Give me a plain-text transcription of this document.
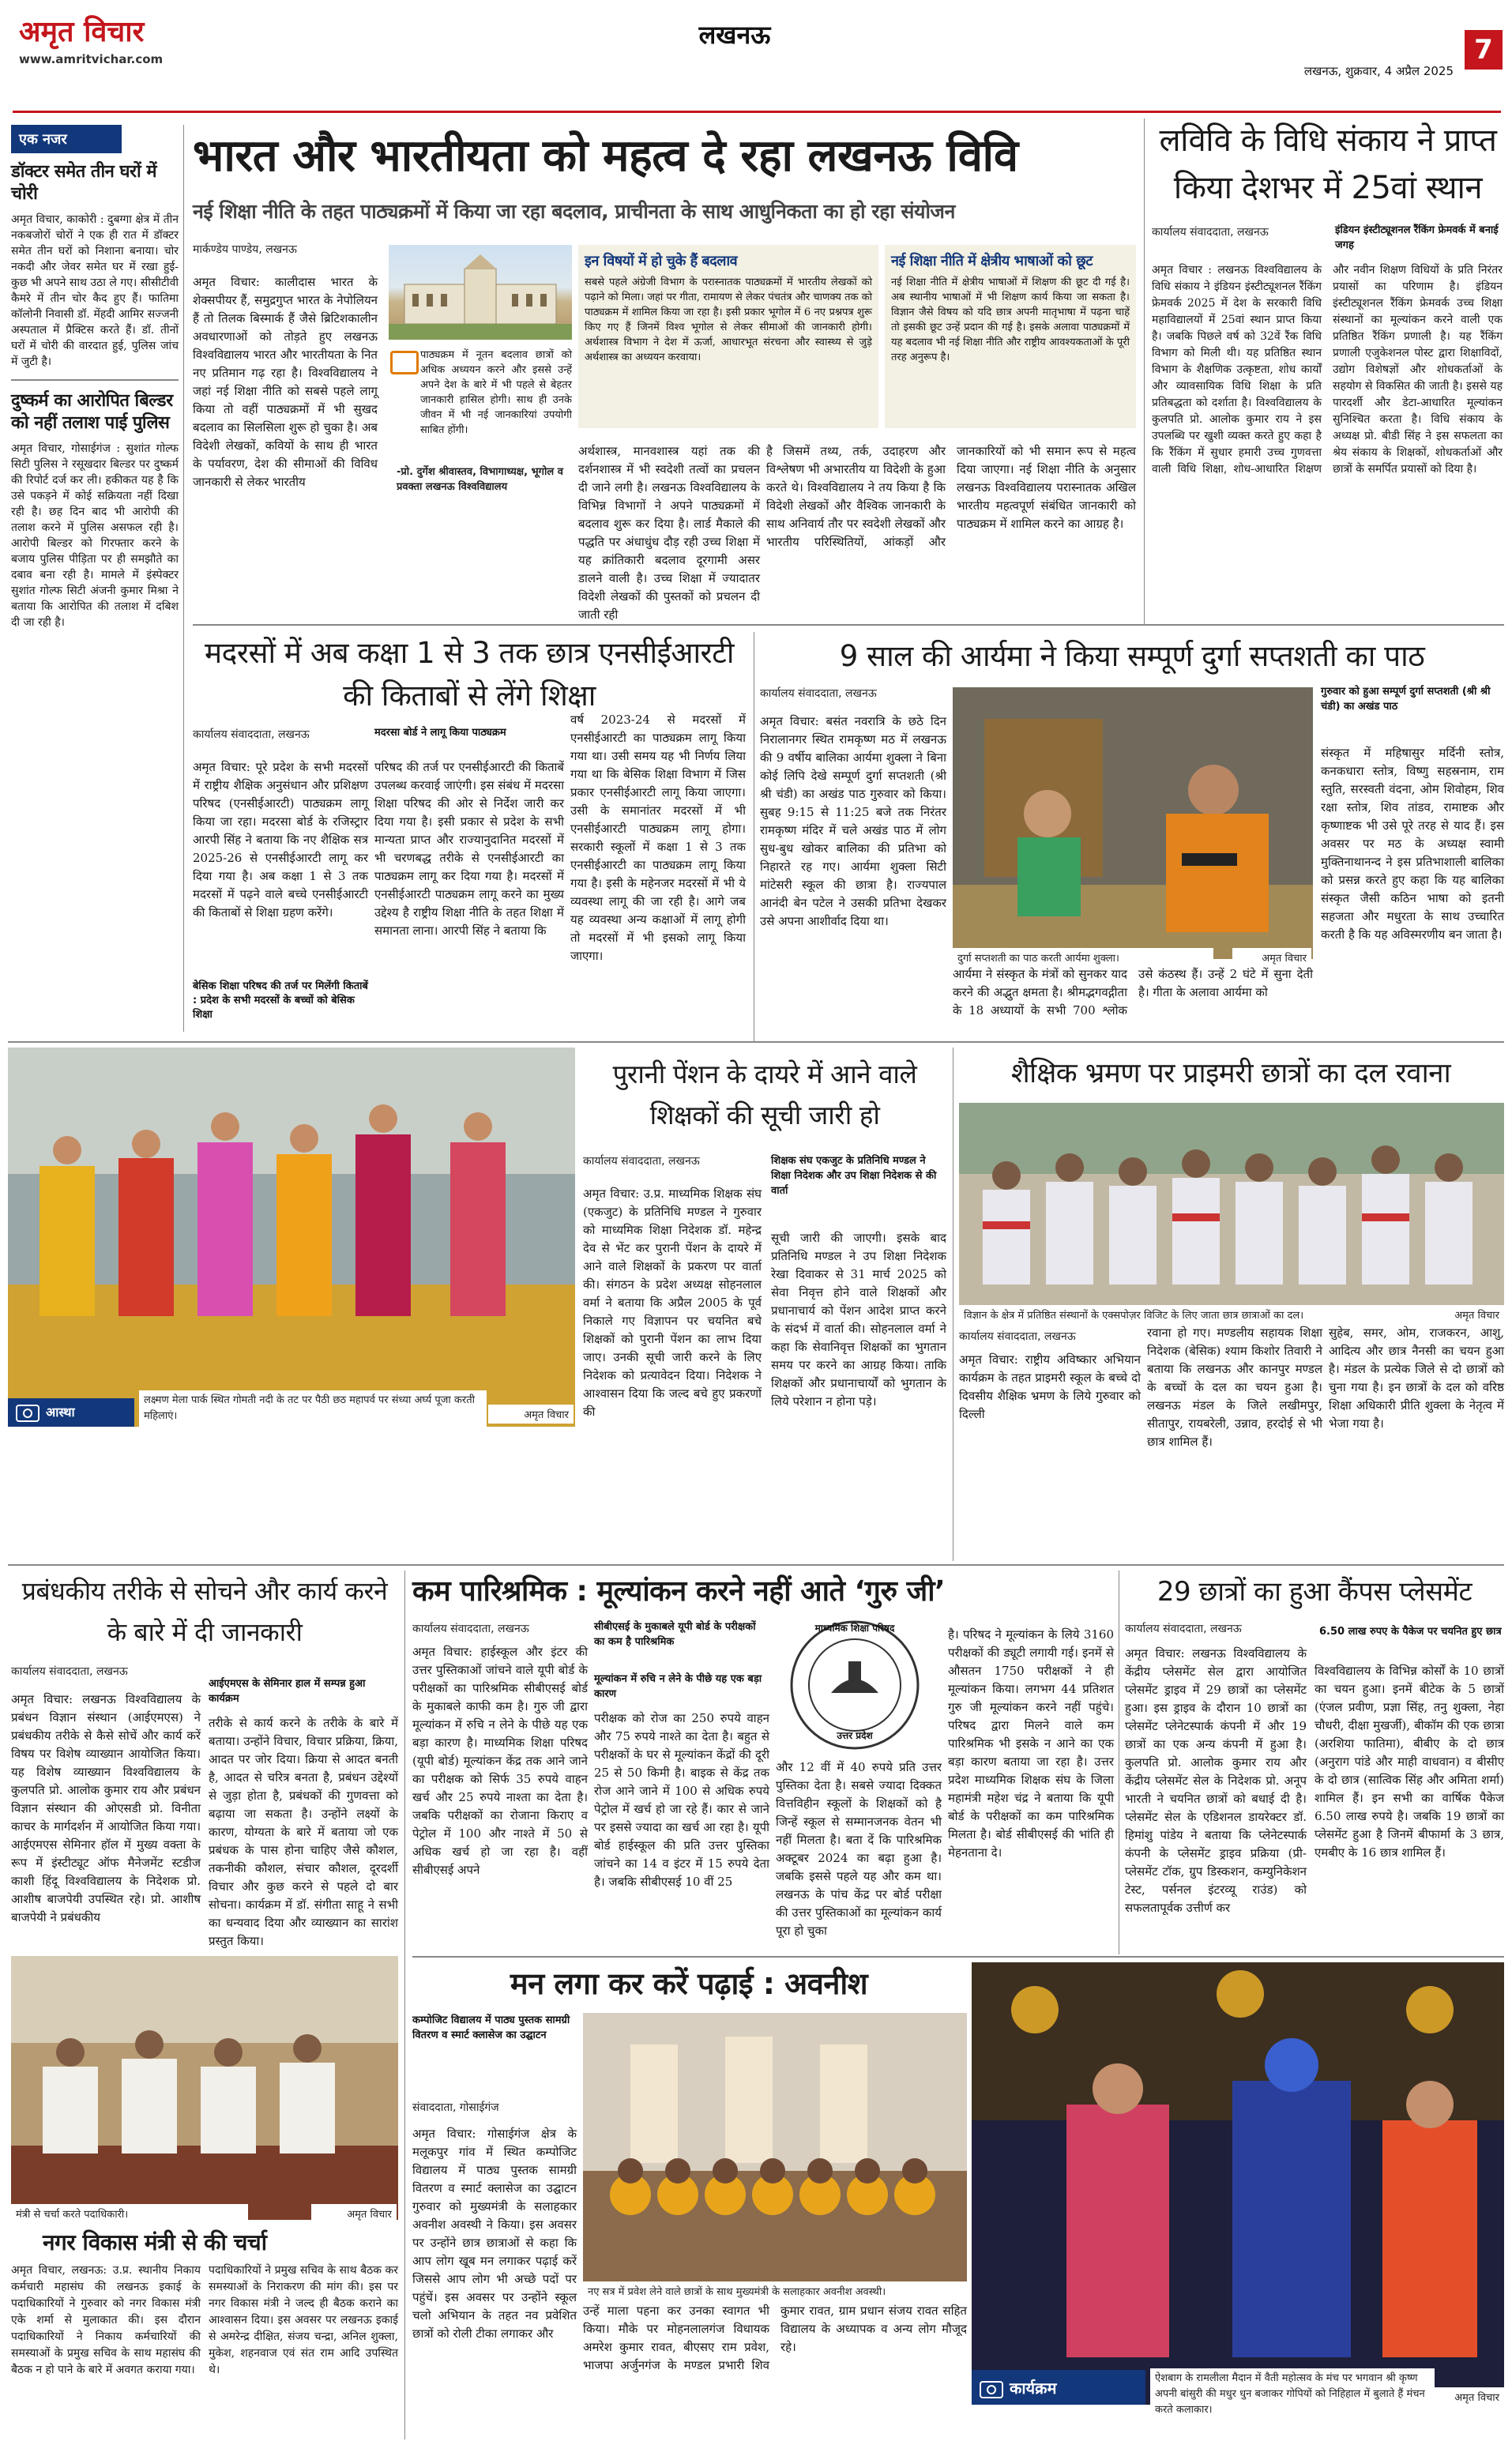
अमृत विचार
www.amritvichar.com
लखनऊ
लखनऊ, शुक्रवार, 4 अप्रैल 2025
7
एक नजर
डॉक्टर समेत तीन घरों में चोरी
अमृत विचार, काकोरी : दुबग्गा क्षेत्र में तीन नकबजोरों चोरों ने एक ही रात में डॉक्टर समेत तीन घरों को निशाना बनाया। चोर नकदी और जेवर समेत घर में रखा हुई-कुछ भी अपने साथ उठा ले गए। सीसीटीवी कैमरे में तीन चोर कैद हुए हैं। फातिमा कॉलोनी निवासी डॉ. मेंहदी आमिर सज्जनी अस्पताल में प्रैक्टिस करते हैं। डॉ. तीनों घरों में चोरी की वारदात हुई, पुलिस जांच में जुटी है।
दुष्कर्म का आरोपित बिल्डर को नहीं तलाश पाई पुलिस
अमृत विचार, गोसाईगंज : सुशांत गोल्फ सिटी पुलिस ने रसूखदार बिल्डर पर दुष्कर्म की रिपोर्ट दर्ज कर ली। हकीकत यह है कि उसे पकड़ने में कोई सक्रियता नहीं दिखा रही है। छह दिन बाद भी आरोपी की तलाश करने में पुलिस असफल रही है। आरोपी बिल्डर को गिरफ्तार करने के बजाय पुलिस पीड़िता पर ही समझौते का दबाव बना रही है। मामले में इंस्पेक्टर सुशांत गोल्फ सिटी अंजनी कुमार मिश्रा ने बताया कि आरोपित की तलाश में दबिश दी जा रही है।
भारत और भारतीयता को महत्व दे रहा लखनऊ विवि
नई शिक्षा नीति के तहत पाठ्यक्रमों में किया जा रहा बदलाव, प्राचीनता के साथ आधुनिकता का हो रहा संयोजन
मार्कण्डेय पाण्डेय, लखनऊ
अमृत विचार: कालीदास भारत के शेक्सपीयर हैं, समुद्रगुप्त भारत के नेपोलियन हैं तो तिलक बिस्मार्क हैं जैसे ब्रिटिशकालीन अवधारणाओं को तोड़ते हुए लखनऊ विश्वविद्यालय भारत और भारतीयता के नित नए प्रतिमान गढ़ रहा है। विश्वविद्यालय ने जहां नई शिक्षा नीति को सबसे पहले लागू किया तो वहीं पाठ्यक्रमों में भी सुखद बदलाव का सिलसिला शुरू हो चुका है। अब विदेशी लेखकों, कवियों के साथ ही भारत के पर्यावरण, देश की सीमाओं की विविध जानकारी से लेकर भारतीय
पाठ्यक्रम में नूतन बदलाव छात्रों को अधिक अध्ययन करने और इससे उन्हें अपने देश के बारे में भी पहले से बेहतर जानकारी हासिल होगी। साथ ही उनके जीवन में भी नई जानकारियां उपयोगी साबित होंगी।
-प्रो. दुर्गेश श्रीवास्तव, विभागाध्यक्ष, भूगोल व प्रवक्ता लखनऊ विश्वविद्यालय
अर्थशास्त्र, मानवशास्त्र यहां तक की दर्शनशास्त्र में भी स्वदेशी तत्वों का प्रचलन दी जाने लगी है। लखनऊ विश्वविद्यालय के विभिन्न विभागों ने अपने पाठ्यक्रमों में बदलाव शुरू कर दिया है। लार्ड मैकाले की पद्धति पर अंधाधुंध दौड़ रही उच्च शिक्षा में यह क्रांतिकारी बदलाव दूरगामी असर डालने वाली है। उच्च शिक्षा में ज्यादातर विदेशी लेखकों की पुस्तकों को प्रचलन दी जाती रही
इन विषयों में हो चुके हैं बदलाव
सबसे पहले अंग्रेजी विभाग के परास्नातक पाठ्यक्रमों में भारतीय लेखकों को पढ़ाने को मिला। जहां पर गीता, रामायण से लेकर पंचतंत्र और चाणक्य तक को पाठ्यक्रम में शामिल किया जा रहा है। इसी प्रकार भूगोल में 6 नए प्रश्नपत्र शुरू किए गए हैं जिनमें विश्व भूगोल से लेकर सीमाओं की जानकारी होगी। अर्थशास्त्र विभाग ने देश में ऊर्जा, आधारभूत संरचना और स्वास्थ्य से जुड़े अर्थशास्त्र का अध्ययन करवाया।
नई शिक्षा नीति में क्षेत्रीय भाषाओं को छूट
नई शिक्षा नीति में क्षेत्रीय भाषाओं में शिक्षण की छूट दी गई है। अब स्थानीय भाषाओं में भी शिक्षण कार्य किया जा सकता है। विज्ञान जैसे विषय को यदि छात्र अपनी मातृभाषा में पढ़ना चाहें तो इसकी छूट उन्हें प्रदान की गई है। इसके अलावा पाठ्यक्रमों में यह बदलाव भी नई शिक्षा नीति और राष्ट्रीय आवश्यकताओं के पूरी तरह अनुरूप है।
है जिसमें तथ्य, तर्क, उदाहरण और विश्लेषण भी अभारतीय या विदेशी के हुआ करते थे। विश्वविद्यालय ने तय किया है कि विदेशी लेखकों और वैश्विक जानकारी के साथ अनिवार्य तौर पर स्वदेशी लेखकों और भारतीय परिस्थितियों, आंकड़ों और जानकारियों को भी समान रूप से महत्व दिया जाएगा। नई शिक्षा नीति के अनुसार लखनऊ विश्वविद्यालय परास्नातक अखिल भारतीय महत्वपूर्ण संबंधित जानकारी को पाठ्यक्रम में शामिल करने का आग्रह है।
लविवि के विधि संकाय ने प्राप्त किया देशभर में 25वां स्थान
कार्यालय संवाददाता, लखनऊ	इंडियन इंस्टीट्यूशनल रैंकिंग फ्रेमवर्क में बनाई जगह
अमृत विचार : लखनऊ विश्वविद्यालय के विधि संकाय ने इंडियन इंस्टीट्यूशनल रैंकिंग फ्रेमवर्क 2025 में देश के सरकारी विधि महाविद्यालयों में 25वां स्थान प्राप्त किया है। जबकि पिछले वर्ष को 32वें रैंक विधि विभाग को मिली थी। यह प्रतिष्ठित स्थान विभाग के शैक्षणिक उत्कृष्टता, शोध कार्यों और व्यावसायिक विधि शिक्षा के प्रति प्रतिबद्धता को दर्शाता है। विश्वविद्यालय के कुलपति प्रो. आलोक कुमार राय ने इस उपलब्धि पर खुशी व्यक्त करते हुए कहा है कि रैंकिंग में सुधार हमारी उच्च गुणवत्ता वाली विधि शिक्षा, शोध-आधारित शिक्षण और नवीन शिक्षण विधियों के प्रति निरंतर प्रयासों का परिणाम है। इंडियन इंस्टीट्यूशनल रैंकिंग फ्रेमवर्क उच्च शिक्षा संस्थानों का मूल्यांकन करने वाली एक प्रतिष्ठित रैंकिंग प्रणाली है। यह रैंकिंग प्रणाली एजुकेशनल पोस्ट द्वारा शिक्षाविदों, उद्योग विशेषज्ञों और शोधकर्ताओं के सहयोग से विकसित की जाती है। इससे यह पारदर्शी और डेटा-आधारित मूल्यांकन सुनिश्चित करता है। विधि संकाय के अध्यक्ष प्रो. बीडी सिंह ने इस सफलता का श्रेय संकाय के शिक्षकों, शोधकर्ताओं और छात्रों के समर्पित प्रयासों को दिया है।
मदरसों में अब कक्षा 1 से 3 तक छात्र एनसीईआरटी की किताबों से लेंगे शिक्षा
कार्यालय संवाददाता, लखनऊ	मदरसा बोर्ड ने लागू किया पाठ्यक्रम
अमृत विचार: पूरे प्रदेश के सभी मदरसों में राष्ट्रीय शैक्षिक अनुसंधान और प्रशिक्षण परिषद (एनसीईआरटी) पाठ्यक्रम लागू किया जा रहा। मदरसा बोर्ड के रजिस्ट्रार आरपी सिंह ने बताया कि नए शैक्षिक सत्र 2025-26 से एनसीईआरटी लागू कर दिया गया है। अब कक्षा 1 से 3 तक मदरसों में पढ़ने वाले बच्चे एनसीईआरटी की किताबों से शिक्षा ग्रहण करेंगे।
बेसिक शिक्षा परिषद की तर्ज पर मिलेंगी किताबें : प्रदेश के सभी मदरसों के बच्चों को बेसिक शिक्षा
परिषद की तर्ज पर एनसीईआरटी की किताबें उपलब्ध करवाई जाएंगी। इस संबंध में मदरसा शिक्षा परिषद की ओर से निर्देश जारी कर दिया गया है। इसी प्रकार से प्रदेश के सभी मान्यता प्राप्त और राज्यानुदानित मदरसों में भी चरणबद्ध तरीके से एनसीईआरटी का पाठ्यक्रम लागू कर दिया गया है। मदरसों में एनसीईआरटी पाठ्यक्रम लागू करने का मुख्य उद्देश्य है राष्ट्रीय शिक्षा नीति के तहत शिक्षा में समानता लाना। आरपी सिंह ने बताया कि
वर्ष 2023-24 से मदरसों में एनसीईआरटी का पाठ्यक्रम लागू किया गया था। उसी समय यह भी निर्णय लिया गया था कि बेसिक शिक्षा विभाग में जिस प्रकार एनसीईआरटी लागू किया जाएगा। उसी के समानांतर मदरसों में भी एनसीईआरटी पाठ्यक्रम लागू होगा। सरकारी स्कूलों में कक्षा 1 से 3 तक एनसीईआरटी का पाठ्यक्रम लागू किया गया है। इसी के महेनजर मदरसों में भी ये व्यवस्था लागू की जा रही है। आगे जब यह व्यवस्था अन्य कक्षाओं में लागू होगी तो मदरसों में भी इसको लागू किया जाएगा।
9 साल की आर्यमा ने किया सम्पूर्ण दुर्गा सप्तशती का पाठ
कार्यालय संवाददाता, लखनऊ
अमृत विचार: बसंत नवरात्रि के छठे दिन निरालानगर स्थित रामकृष्ण मठ में लखनऊ की 9 वर्षीय बालिका आर्यमा शुक्ला ने बिना कोई लिपि देखे सम्पूर्ण दुर्गा सप्तशती (श्री श्री चंडी) का अखंड पाठ गुरुवार को किया। सुबह 9:15 से 11:25 बजे तक निरंतर रामकृष्ण मंदिर में चले अखंड पाठ में लोग सुध-बुध खोकर बालिका की प्रतिभा को निहारते रह गए। आर्यमा शुक्ला सिटी मांटेसरी स्कूल की छात्रा है। राज्यपाल आनंदी बेन पटेल ने उसकी प्रतिभा देखकर उसे अपना आशीर्वाद दिया था।
दुर्गा सप्तशती का पाठ करती आर्यमा शुक्ला।	अमृत विचार
आर्यमा ने संस्कृत के मंत्रों को सुनकर याद करने की अद्भुत क्षमता है। श्रीमद्भगवद्गीता के 18 अध्यायों के सभी 700 श्लोक उसे कंठस्थ हैं। उन्हें 2 घंटे में सुना देती है। गीता के अलावा आर्यमा को
गुरुवार को हुआ सम्पूर्ण दुर्गा सप्तशती (श्री श्री चंडी) का अखंड पाठ
संस्कृत में महिषासुर मर्दिनी स्तोत्र, कनकधारा स्तोत्र, विष्णु सहस्रनाम, राम स्तुति, सरस्वती वंदना, ओम शिवोहम, शिव रक्षा स्तोत्र, शिव तांडव, रामाष्टक और कृष्णाष्टक भी उसे पूरे तरह से याद हैं। इस अवसर पर मठ के अध्यक्ष स्वामी मुक्तिनाथानन्द ने इस प्रतिभाशाली बालिका को प्रसन्न करते हुए कहा कि यह बालिका संस्कृत जैसी कठिन भाषा को इतनी सहजता और मधुरता के साथ उच्चारित करती है कि यह अविस्मरणीय बन जाता है।
आस्था
लक्ष्मण मेला पार्क स्थित गोमती नदी के तट पर पैठी छठ महापर्व पर संध्या अर्घ्य पूजा करती महिलाएं।	अमृत विचार
पुरानी पेंशन के दायरे में आने वाले शिक्षकों की सूची जारी हो
कार्यालय संवाददाता, लखनऊ	शिक्षक संघ एकजुट के प्रतिनिधि मण्डल ने शिक्षा निदेशक और उप शिक्षा निदेशक से की वार्ता
अमृत विचार: उ.प्र. माध्यमिक शिक्षक संघ (एकजुट) के प्रतिनिधि मण्डल ने गुरुवार को माध्यमिक शिक्षा निदेशक डॉ. महेन्द्र देव से भेंट कर पुरानी पेंशन के दायरे में आने वाले शिक्षकों के प्रकरण पर वार्ता की। संगठन के प्रदेश अध्यक्ष सोहनलाल वर्मा ने बताया कि अप्रैल 2005 के पूर्व निकाले गए विज्ञापन पर चयनित बचे शिक्षकों को पुरानी पेंशन का लाभ दिया जाए। उनकी सूची जारी करने के लिए निदेशक को प्रत्यावेदन दिया। निदेशक ने आश्वासन दिया कि जल्द बचे हुए प्रकरणों की
सूची जारी की जाएगी। इसके बाद प्रतिनिधि मण्डल ने उप शिक्षा निदेशक रेखा दिवाकर से 31 मार्च 2025 को सेवा निवृत्त होने वाले शिक्षकों और प्रधानाचार्य को पेंशन आदेश प्राप्त करने के संदर्भ में वार्ता की। सोहनलाल वर्मा ने कहा कि सेवानिवृत्त शिक्षकों का भुगतान समय पर करने का आग्रह किया। ताकि शिक्षकों और प्रधानाचार्यों को भुगतान के लिये परेशान न होना पड़े।
शैक्षिक भ्रमण पर प्राइमरी छात्रों का दल रवाना
विज्ञान के क्षेत्र में प्रतिष्ठित संस्थानों के एक्सपोज़र विजिट के लिए जाता छात्र छात्राओं का दल।	अमृत विचार
कार्यालय संवाददाता, लखनऊ
अमृत विचार: राष्ट्रीय अविष्कार अभियान कार्यक्रम के तहत प्राइमरी स्कूल के बच्चे दो दिवसीय शैक्षिक भ्रमण के लिये गुरुवार को दिल्ली
रवाना हो गए। मण्डलीय सहायक शिक्षा निदेशक (बेसिक) श्याम किशोर तिवारी ने बताया कि लखनऊ और कानपुर मण्डल के बच्चों के दल का चयन हुआ है। लखनऊ मंडल के जिले लखीमपुर, सीतापुर, रायबरेली, उन्नाव, हरदोई से भी छात्र शामिल हैं।
सुहेब, समर, ओम, राजकरन, आशु, आदित्य और छात्र नैनसी का चयन हुआ है। मंडल के प्रत्येक जिले से दो छात्रों को चुना गया है। इन छात्रों के दल को वरिष्ठ शिक्षा अधिकारी प्रीति शुक्ला के नेतृत्व में भेजा गया है।
प्रबंधकीय तरीके से सोचने और कार्य करने के बारे में दी जानकारी
कार्यालय संवाददाता, लखनऊ
आईएमएस के सेमिनार हाल में सम्पन्न हुआ कार्यक्रम
अमृत विचार: लखनऊ विश्वविद्यालय के प्रबंधन विज्ञान संस्थान (आईएमएस) ने प्रबंधकीय तरीके से कैसे सोचें और कार्य करें विषय पर विशेष व्याख्यान आयोजित किया। यह विशेष व्याख्यान विश्वविद्यालय के कुलपति प्रो. आलोक कुमार राय और प्रबंधन विज्ञान संस्थान की ओएसडी प्रो. विनीता काचर के मार्गदर्शन में आयोजित किया गया। आईएमएस सेमिनार हॉल में मुख्य वक्ता के रूप में इंस्टीट्यूट ऑफ मैनेजमेंट स्टडीज काशी हिंदू विश्वविद्यालय के निदेशक प्रो. आशीष बाजपेयी उपस्थित रहे। प्रो. आशीष बाजपेयी ने प्रबंधकीय
तरीके से कार्य करने के तरीके के बारे में बताया। उन्होंने विचार, विचार प्रक्रिया, क्रिया, आदत पर जोर दिया। क्रिया से आदत बनती है, आदत से चरित्र बनता है, प्रबंधन उद्देश्यों से जुड़ा होता है, प्रबंधकों की गुणवत्ता को बढ़ाया जा सकता है। उन्होंने लक्ष्यों के कारण, योग्यता के बारे में बताया जो एक प्रबंधक के पास होना चाहिए जैसे कौशल, तकनीकी कौशल, संचार कौशल, दूरदर्शी विचार और कुछ करने से पहले दो बार सोचना। कार्यक्रम में डॉ. संगीता साहू ने सभी का धन्यवाद दिया और व्याख्यान का सारांश प्रस्तुत किया।
मंत्री से चर्चा करते पदाधिकारी।	अमृत विचार
नगर विकास मंत्री से की चर्चा
अमृत विचार, लखनऊ: उ.प्र. स्थानीय निकाय कर्मचारी महासंघ की लखनऊ इकाई के पदाधिकारियों ने गुरुवार को नगर विकास मंत्री एके शर्मा से मुलाकात की। इस दौरान पदाधिकारियों ने निकाय कर्मचारियों की समस्याओं के प्रमुख सचिव के साथ महासंघ की बैठक न हो पाने के बारे में अवगत कराया गया।
पदाधिकारियों ने प्रमुख सचिव के साथ बैठक कर समस्याओं के निराकरण की मांग की। इस पर नगर विकास मंत्री ने जल्द ही बैठक कराने का आश्वासन दिया। इस अवसर पर लखनऊ इकाई से अमरेन्द्र दीक्षित, संजय चन्द्रा, अनिल शुक्ला, मुकेश, शहनवाज एवं संत राम आदि उपस्थित थे।
कम पारिश्रमिक : मूल्यांकन करने नहीं आते ‘गुरु जी’
कार्यालय संवाददाता, लखनऊ
अमृत विचार: हाईस्कूल और इंटर की उत्तर पुस्तिकाओं जांचने वाले यूपी बोर्ड के परीक्षकों का पारिश्रमिक सीबीएसई बोर्ड के मुकाबले काफी कम है। गुरु जी द्वारा मूल्यांकन में रुचि न लेने के पीछे यह एक बड़ा कारण है। माध्यमिक शिक्षा परिषद (यूपी बोर्ड) मूल्यांकन केंद्र तक आने जाने का परीक्षक को सिर्फ 35 रुपये वाहन खर्च और 25 रुपये नाश्ता का देता है। जबकि परीक्षकों का रोजाना किराए व पेट्रोल में 100 और नाश्ते में 50 से अधिक खर्च हो जा रहा है। वहीं सीबीएसई अपने
सीबीएसई के मुकाबले यूपी बोर्ड के परीक्षकों का कम है पारिश्रमिक
मूल्यांकन में रुचि न लेने के पीछे यह एक बड़ा कारण
परीक्षक को रोज का 250 रुपये वाहन और 75 रुपये नाश्ते का देता है। बहुत से परीक्षकों के घर से मूल्यांकन केंद्रों की दूरी 25 से 50 किमी है। बाइक से केंद्र तक रोज आने जाने में 100 से अधिक रुपये पेट्रोल में खर्च हो जा रहे हैं। कार से जाने पर इससे ज्यादा का खर्च आ रहा है। यूपी बोर्ड हाईस्कूल की प्रति उत्तर पुस्तिका जांचने का 14 व इंटर में 15 रुपये देता है। जबकि सीबीएसई 10 वीं 25
माध्यमिक शिक्षा परिषद
उत्तर प्रदेश
और 12 वीं में 40 रुपये प्रति उत्तर पुस्तिका देता है। सबसे ज्यादा दिक्कत वित्तविहीन स्कूलों के शिक्षकों को है जिन्हें स्कूल से सम्मानजनक वेतन भी नहीं मिलता है। बता दें कि पारिश्रमिक अक्टूबर 2024 का बढ़ा हुआ है। जबकि इससे पहले यह और कम था। लखनऊ के पांच केंद्र पर बोर्ड परीक्षा की उत्तर पुस्तिकाओं का मूल्यांकन कार्य पूरा हो चुका
है। परिषद ने मूल्यांकन के लिये 3160 परीक्षकों की ड्यूटी लगायी गई। इनमें से औसतन 1750 परीक्षकों ने ही मूल्यांकन किया। लगभग 44 प्रतिशत गुरु जी मूल्यांकन करने नहीं पहुंचे। परिषद द्वारा मिलने वाले कम पारिश्रमिक भी इसके न आने का एक बड़ा कारण बताया जा रहा है। उत्तर प्रदेश माध्यमिक शिक्षक संघ के जिला महामंत्री महेश चंद्र ने बताया कि यूपी बोर्ड के परीक्षकों का कम पारिश्रमिक मिलता है। बोर्ड सीबीएसई की भांति ही मेहनताना दे।
29 छात्रों का हुआ कैंपस प्लेसमेंट
कार्यालय संवाददाता, लखनऊ	6.50 लाख रुपए के पैकेज पर चयनित हुए छात्र
अमृत विचार: लखनऊ विश्वविद्यालय के केंद्रीय प्लेसमेंट सेल द्वारा आयोजित प्लेसमेंट ड्राइव में 29 छात्रों का प्लेसमेंट हुआ। इस ड्राइव के दौरान 10 छात्रों का प्लेसमेंट प्लेनेटस्पार्क कंपनी में और 19 छात्रों का एक अन्य कंपनी में हुआ है। कुलपति प्रो. आलोक कुमार राय और केंद्रीय प्लेसमेंट सेल के निदेशक प्रो. अनूप भारती ने चयनित छात्रों को बधाई दी है। प्लेसमेंट सेल के एडिशनल डायरेक्टर डॉ. हिमांशु पांडेय ने बताया कि प्लेनेटस्पार्क कंपनी के प्लेसमेंट ड्राइव प्रक्रिया (प्री-प्लेसमेंट टॉक, ग्रुप डिस्कशन, कम्युनिकेशन टेस्ट, पर्सनल इंटरव्यू राउंड) को सफलतापूर्वक उत्तीर्ण कर
विश्वविद्यालय के विभिन्न कोर्सों के 10 छात्रों का चयन हुआ। इनमें बीटेक के 5 छात्रों (एंजल प्रवीण, प्रज्ञा सिंह, तनु शुक्ला, नेहा चौधरी, दीक्षा मुखर्जी), बीकॉम की एक छात्रा (अरशिया फातिमा), बीबीए के दो छात्र (अनुराग पांडे और माही वाधवान) व बीसीए के दो छात्र (सात्विक सिंह और अमिता शर्मा) शामिल हैं। इन सभी का वार्षिक पैकेज 6.50 लाख रुपये है। जबकि 19 छात्रों का प्लेसमेंट हुआ है जिनमें बीफार्मा के 3 छात्र, एमबीए के 16 छात्र शामिल हैं।
मन लगा कर करें पढ़ाई : अवनीश
कम्पोजिट विद्यालय में पाठ्य पुस्तक सामग्री वितरण व स्मार्ट क्लासेज का उद्घाटन
संवाददाता, गोसाईगंज
अमृत विचार: गोसाईगंज क्षेत्र के मलूकपुर गांव में स्थित कम्पोजिट विद्यालय में पाठ्य पुस्तक सामग्री वितरण व स्मार्ट क्लासेज का उद्घाटन गुरुवार को मुख्यमंत्री के सलाहकार अवनीश अवस्थी ने किया। इस अवसर पर उन्होंने छात्र छात्राओं से कहा कि आप लोग खूब मन लगाकर पढ़ाई करें जिससे आप लोग भी अच्छे पदों पर पहुंचें। इस अवसर पर उन्होंने स्कूल चलो अभियान के तहत नव प्रवेशित छात्रों को रोली टीका लगाकर और
नए सत्र में प्रवेश लेने वाले छात्रों के साथ मुख्यमंत्री के सलाहकार अवनीश अवस्थी।
उन्हें माला पहना कर उनका स्वागत भी किया। मौके पर मोहनलालगंज विधायक अमरेश कुमार रावत, बीएसए राम प्रवेश, भाजपा अर्जुनगंज के मण्डल प्रभारी शिव कुमार रावत, ग्राम प्रधान संजय रावत सहित विद्यालय के अध्यापक व अन्य लोग मौजूद रहे।
कार्यक्रम
ऐशबाग के रामलीला मैदान में वैती महोत्सव के मंच पर भगवान श्री कृष्ण अपनी बांसुरी की मधुर धुन बजाकर गोपियों को निहिहाल में बुलाते हैं मंचन करते कलाकार।
अमृत विचार
